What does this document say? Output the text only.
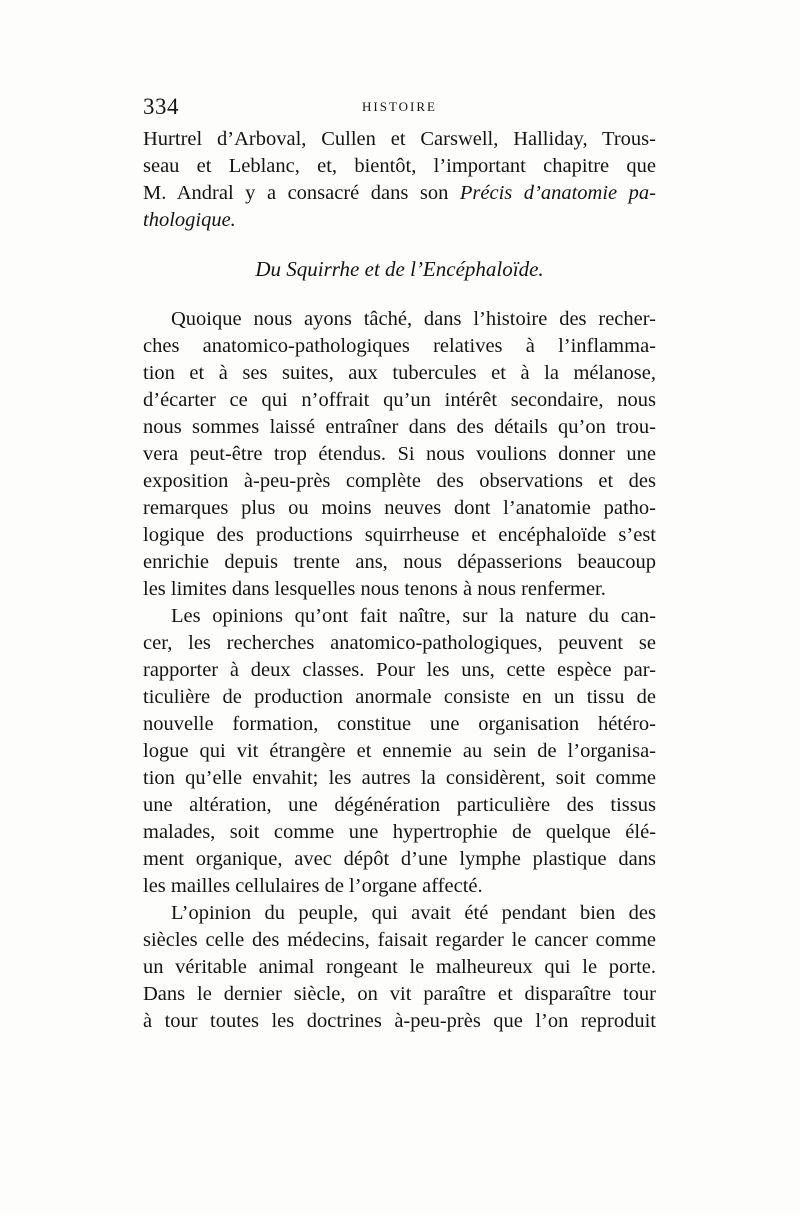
334	HISTOIRE
Hurtrel d’Arboval, Cullen et Carswell, Halliday, Trous-
seau et Leblanc, et, bientôt, l’important chapitre que
M. Andral y a consacré dans son Précis d’anatomie pa-
thologique.
Du Squirrhe et de l’Encéphaloïde.
Quoique nous ayons tâché, dans l’histoire des recher-
ches anatomico-pathologiques relatives à l’inflamma-
tion et à ses suites, aux tubercules et à la mélanose,
d’écarter ce qui n’offrait qu’un intérêt secondaire, nous
nous sommes laissé entraîner dans des détails qu’on trou-
vera peut-être trop étendus. Si nous voulions donner une
exposition à-peu-près complète des observations et des
remarques plus ou moins neuves dont l’anatomie patho-
logique des productions squirrheuse et encéphaloïde s’est
enrichie depuis trente ans, nous dépasserions beaucoup
les limites dans lesquelles nous tenons à nous renfermer.
Les opinions qu’ont fait naître, sur la nature du can-
cer, les recherches anatomico-pathologiques, peuvent se
rapporter à deux classes. Pour les uns, cette espèce par-
ticulière de production anormale consiste en un tissu de
nouvelle formation, constitue une organisation hétéro-
logue qui vit étrangère et ennemie au sein de l’organisa-
tion qu’elle envahit; les autres la considèrent, soit comme
une altération, une dégénération particulière des tissus
malades, soit comme une hypertrophie de quelque élé-
ment organique, avec dépôt d’une lymphe plastique dans
les mailles cellulaires de l’organe affecté.
L’opinion du peuple, qui avait été pendant bien des
siècles celle des médecins, faisait regarder le cancer comme
un véritable animal rongeant le malheureux qui le porte.
Dans le dernier siècle, on vit paraître et disparaître tour
à tour toutes les doctrines à-peu-près que l’on reproduit
